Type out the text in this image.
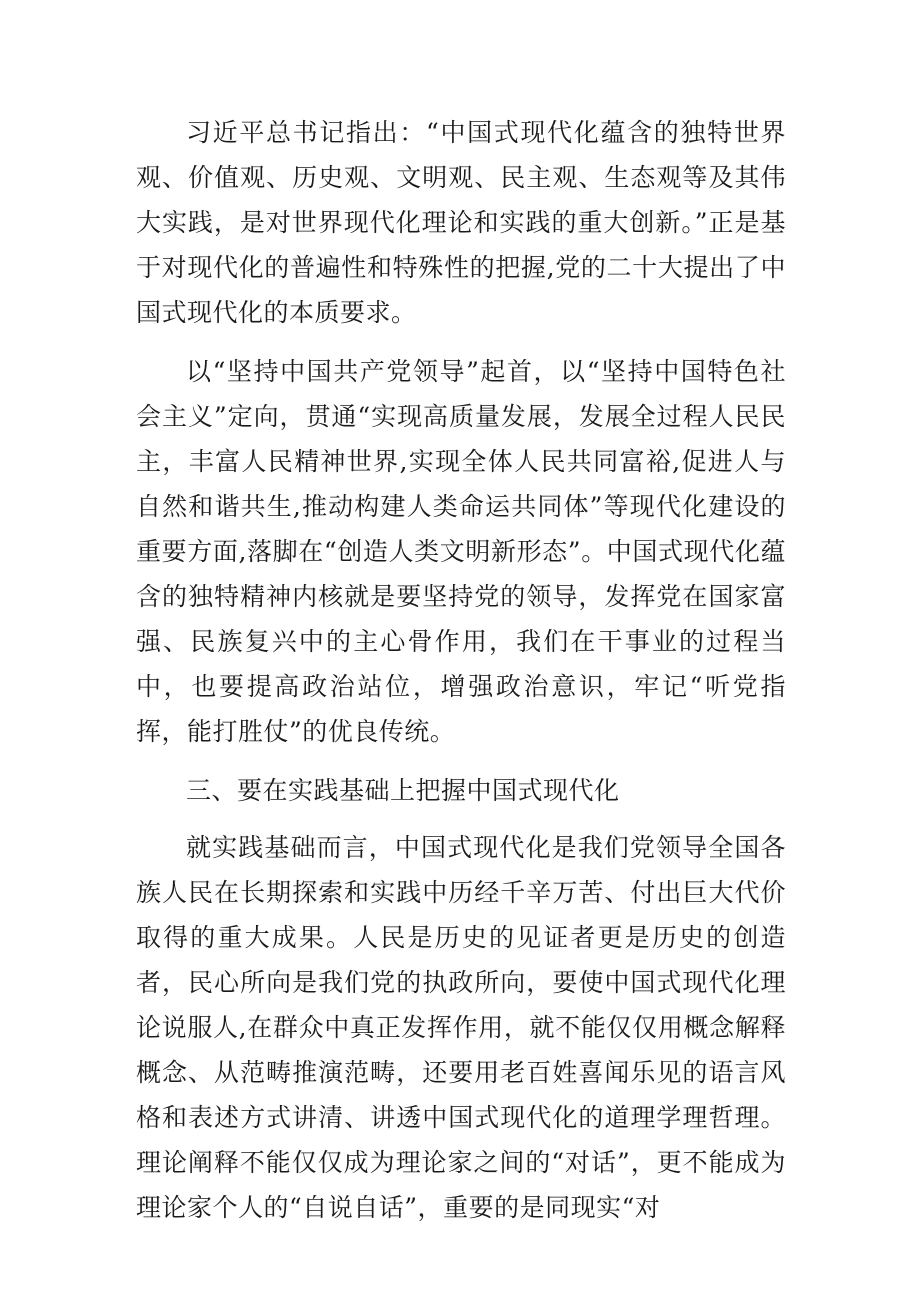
习近平总书记指出：“中国式现代化蕴含的独特世界观、价值观、历史观、文明观、民主观、生态观等及其伟大实践，是对世界现代化理论和实践的重大创新。”正是基于对现代化的普遍性和特殊性的把握,党的二十大提出了中国式现代化的本质要求。

以“坚持中国共产党领导”起首，以“坚持中国特色社会主义”定向，贯通“实现高质量发展，发展全过程人民民主，丰富人民精神世界,实现全体人民共同富裕,促进人与自然和谐共生,推动构建人类命运共同体”等现代化建设的重要方面,落脚在“创造人类文明新形态”。中国式现代化蕴含的独特精神内核就是要坚持党的领导，发挥党在国家富强、民族复兴中的主心骨作用，我们在干事业的过程当中，也要提高政治站位，增强政治意识，牢记“听党指挥，能打胜仗”的优良传统。

三、要在实践基础上把握中国式现代化

就实践基础而言，中国式现代化是我们党领导全国各族人民在长期探索和实践中历经千辛万苦、付出巨大代价取得的重大成果。人民是历史的见证者更是历史的创造者，民心所向是我们党的执政所向，要使中国式现代化理论说服人,在群众中真正发挥作用，就不能仅仅用概念解释概念、从范畴推演范畴，还要用老百姓喜闻乐见的语言风格和表述方式讲清、讲透中国式现代化的道理学理哲理。理论阐释不能仅仅成为理论家之间的“对话”，更不能成为理论家个人的“自说自话”，重要的是同现实“对
